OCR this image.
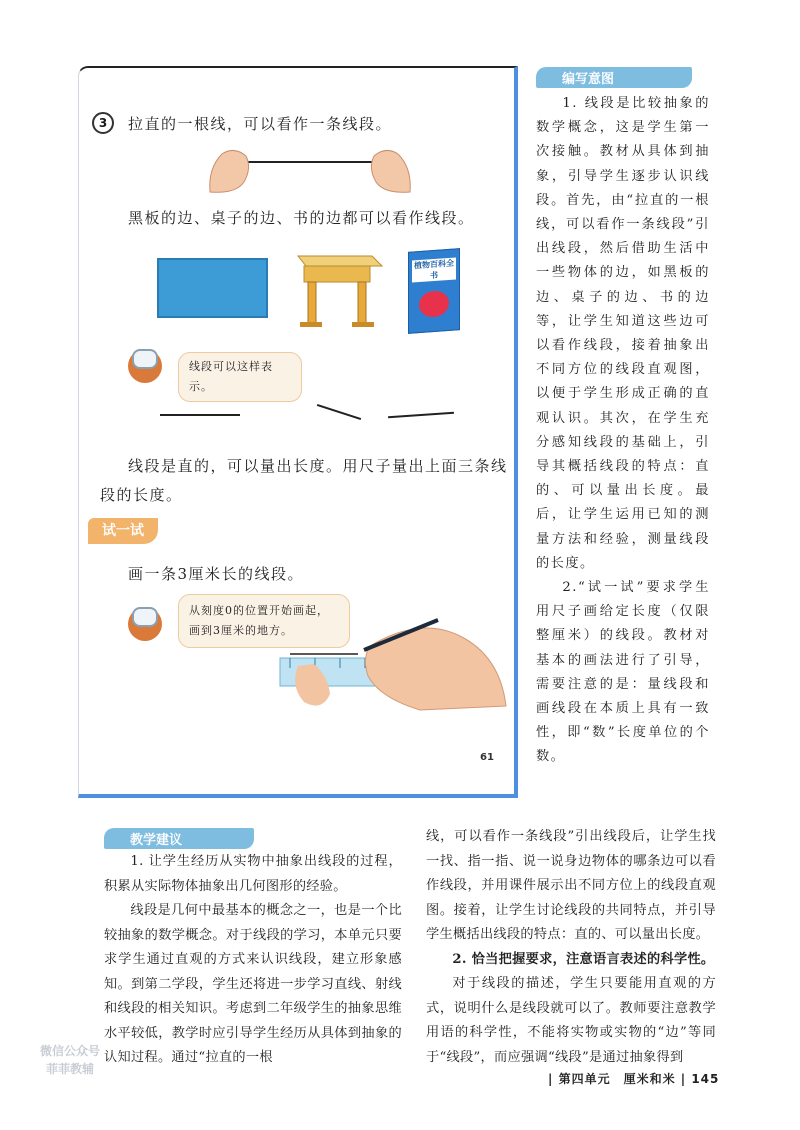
3	拉直的一根线，可以看作一条线段。
黑板的边、桌子的边、书的边都可以看作线段。
植物百科全书
线段可以这样表示。
线段是直的，可以量出长度。用尺子量出上面三条线
段的长度。
试一试
画一条3厘米长的线段。
从刻度0的位置开始画起，
画到3厘米的地方。
61
编写意图

1. 线段是比较抽象的数学概念，这是学生第一次接触。教材从具体到抽象，引导学生逐步认识线段。首先，由“拉直的一根线，可以看作一条线段”引出线段，然后借助生活中一些物体的边，如黑板的边、桌子的边、书的边等，让学生知道这些边可以看作线段，接着抽象出不同方位的线段直观图，以便于学生形成正确的直观认识。其次，在学生充分感知线段的基础上，引导其概括线段的特点：直的、可以量出长度。最后，让学生运用已知的测量方法和经验，测量线段的长度。

2.“试一试”要求学生用尺子画给定长度（仅限整厘米）的线段。教材对基本的画法进行了引导，需要注意的是：量线段和画线段在本质上具有一致性，即“数”长度单位的个数。

教学建议

1. 让学生经历从实物中抽象出线段的过程，积累从实际物体抽象出几何图形的经验。

线段是几何中最基本的概念之一，也是一个比较抽象的数学概念。对于线段的学习，本单元只要求学生通过直观的方式来认识线段，建立形象感知。到第二学段，学生还将进一步学习直线、射线和线段的相关知识。考虑到二年级学生的抽象思维水平较低，教学时应引导学生经历从具体到抽象的认知过程。通过“拉直的一根

线，可以看作一条线段”引出线段后，让学生找一找、指一指、说一说身边物体的哪条边可以看作线段，并用课件展示出不同方位上的线段直观图。接着，让学生讨论线段的共同特点，并引导学生概括出线段的特点：直的、可以量出长度。

2. 恰当把握要求，注意语言表述的科学性。

对于线段的描述，学生只要能用直观的方式，说明什么是线段就可以了。教师要注意教学用语的科学性，不能将实物或实物的“边”等同于“线段”，而应强调“线段”是通过抽象得到

| 第四单元　厘米和米 | 145
微信公众号
菲菲教辅
